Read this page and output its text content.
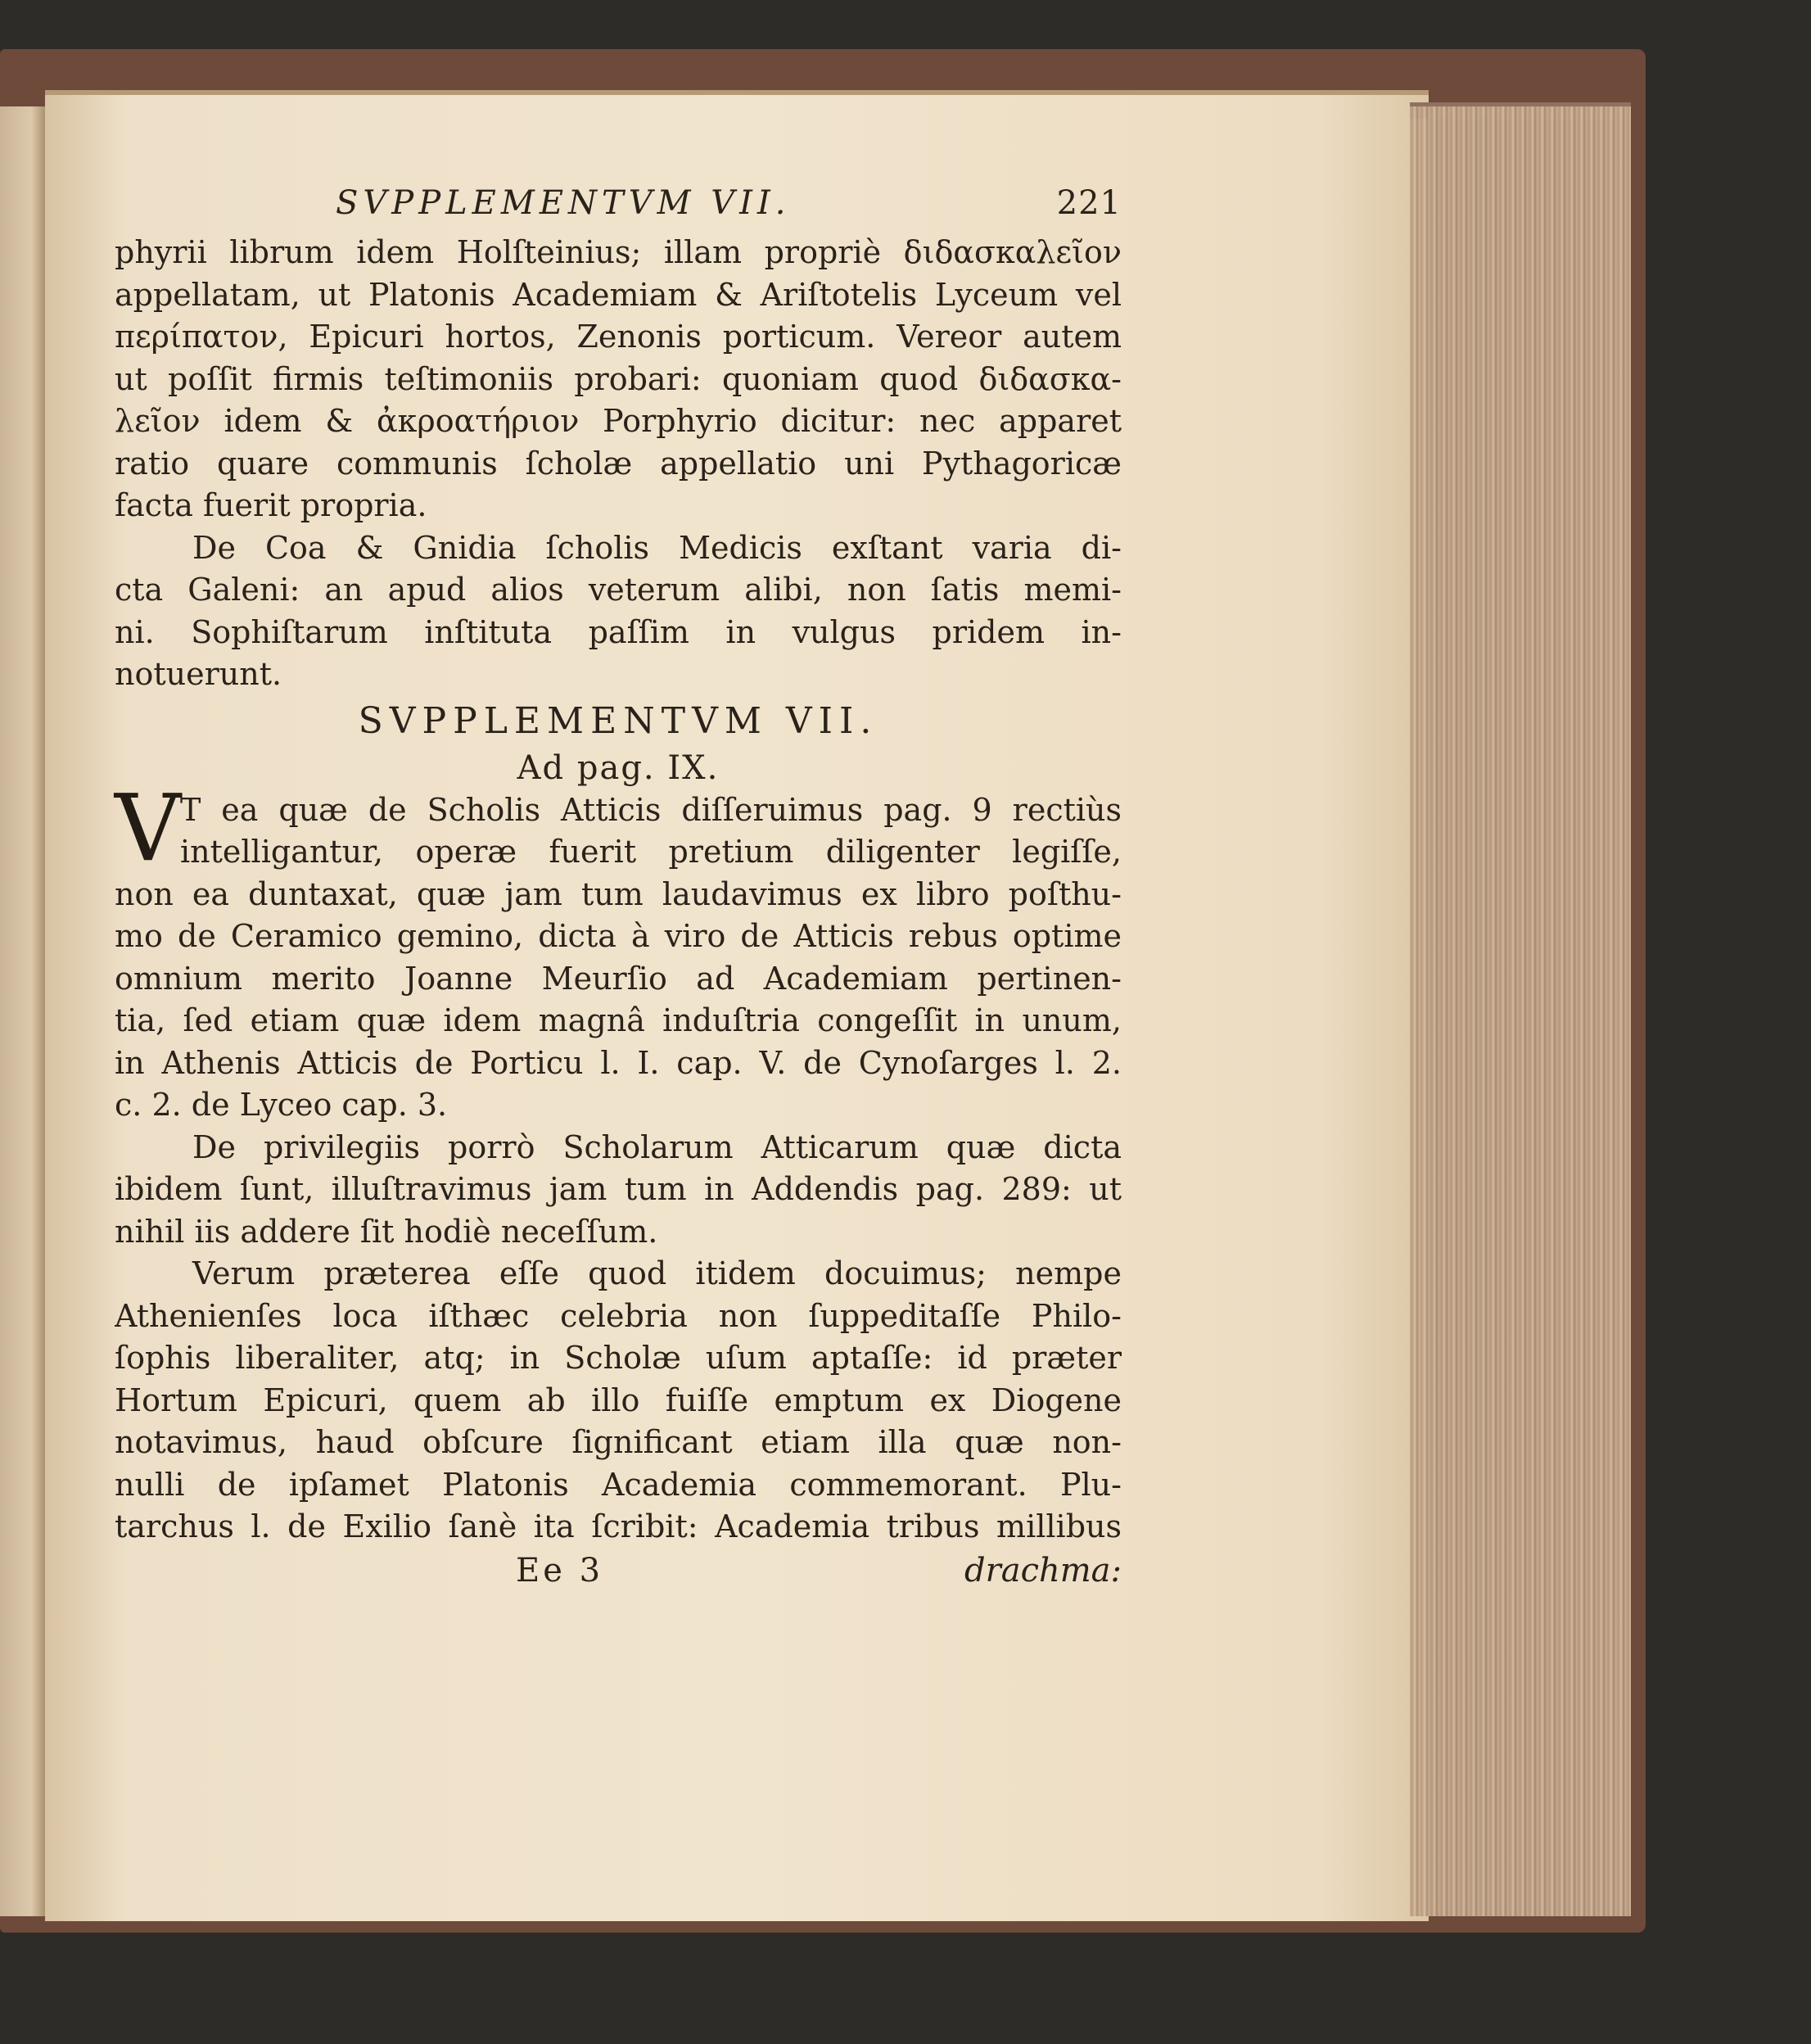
SVPPLEMENTVM VII.	221
phyrii librum idem Holſteinius; illam propriè διδασκαλεῖον
appellatam, ut Platonis Academiam & Ariſtotelis Lyceum vel
περίπατον, Epicuri hortos, Zenonis porticum. Vereor autem
ut poſſit firmis teſtimoniis probari: quoniam quod διδασκα-
λεῖον idem & ἀκροατήριον Porphyrio dicitur: nec apparet
ratio quare communis ſcholæ appellatio uni Pythagoricæ
facta fuerit propria.
De Coa & Gnidia ſcholis Medicis exſtant varia di-
cta Galeni: an apud alios veterum alibi, non ſatis memi-
ni. Sophiſtarum inſtituta paſſim in vulgus pridem in-
notuerunt.
SVPPLEMENTVM VII.
Ad pag. IX.
V T ea quæ de Scholis Atticis diſſeruimus pag. 9 rectiùs
intelligantur, operæ fuerit pretium diligenter legiſſe,
non ea duntaxat, quæ jam tum laudavimus ex libro poſthu-
mo de Ceramico gemino, dicta à viro de Atticis rebus optime
omnium merito Joanne Meurſio ad Academiam pertinen-
tia, ſed etiam quæ idem magnâ induſtria congeſſit in unum,
in Athenis Atticis de Porticu l. I. cap. V. de Cynoſarges l. 2.
c. 2. de Lyceo cap. 3.
De privilegiis porrò Scholarum Atticarum quæ dicta
ibidem ſunt, illuſtravimus jam tum in Addendis pag. 289: ut
nihil iis addere ſit hodiè neceſſum.
Verum præterea eſſe quod itidem docuimus; nempe
Athenienſes loca iſthæc celebria non ſuppeditaſſe Philo-
ſophis liberaliter, atq; in Scholæ uſum aptaſſe: id præter
Hortum Epicuri, quem ab illo fuiſſe emptum ex Diogene
notavimus, haud obſcure ſignificant etiam illa quæ non-
nulli de ipſamet Platonis Academia commemorant. Plu-
tarchus l. de Exilio ſanè ita ſcribit: Academia tribus millibus
Ee 3	drachma:
